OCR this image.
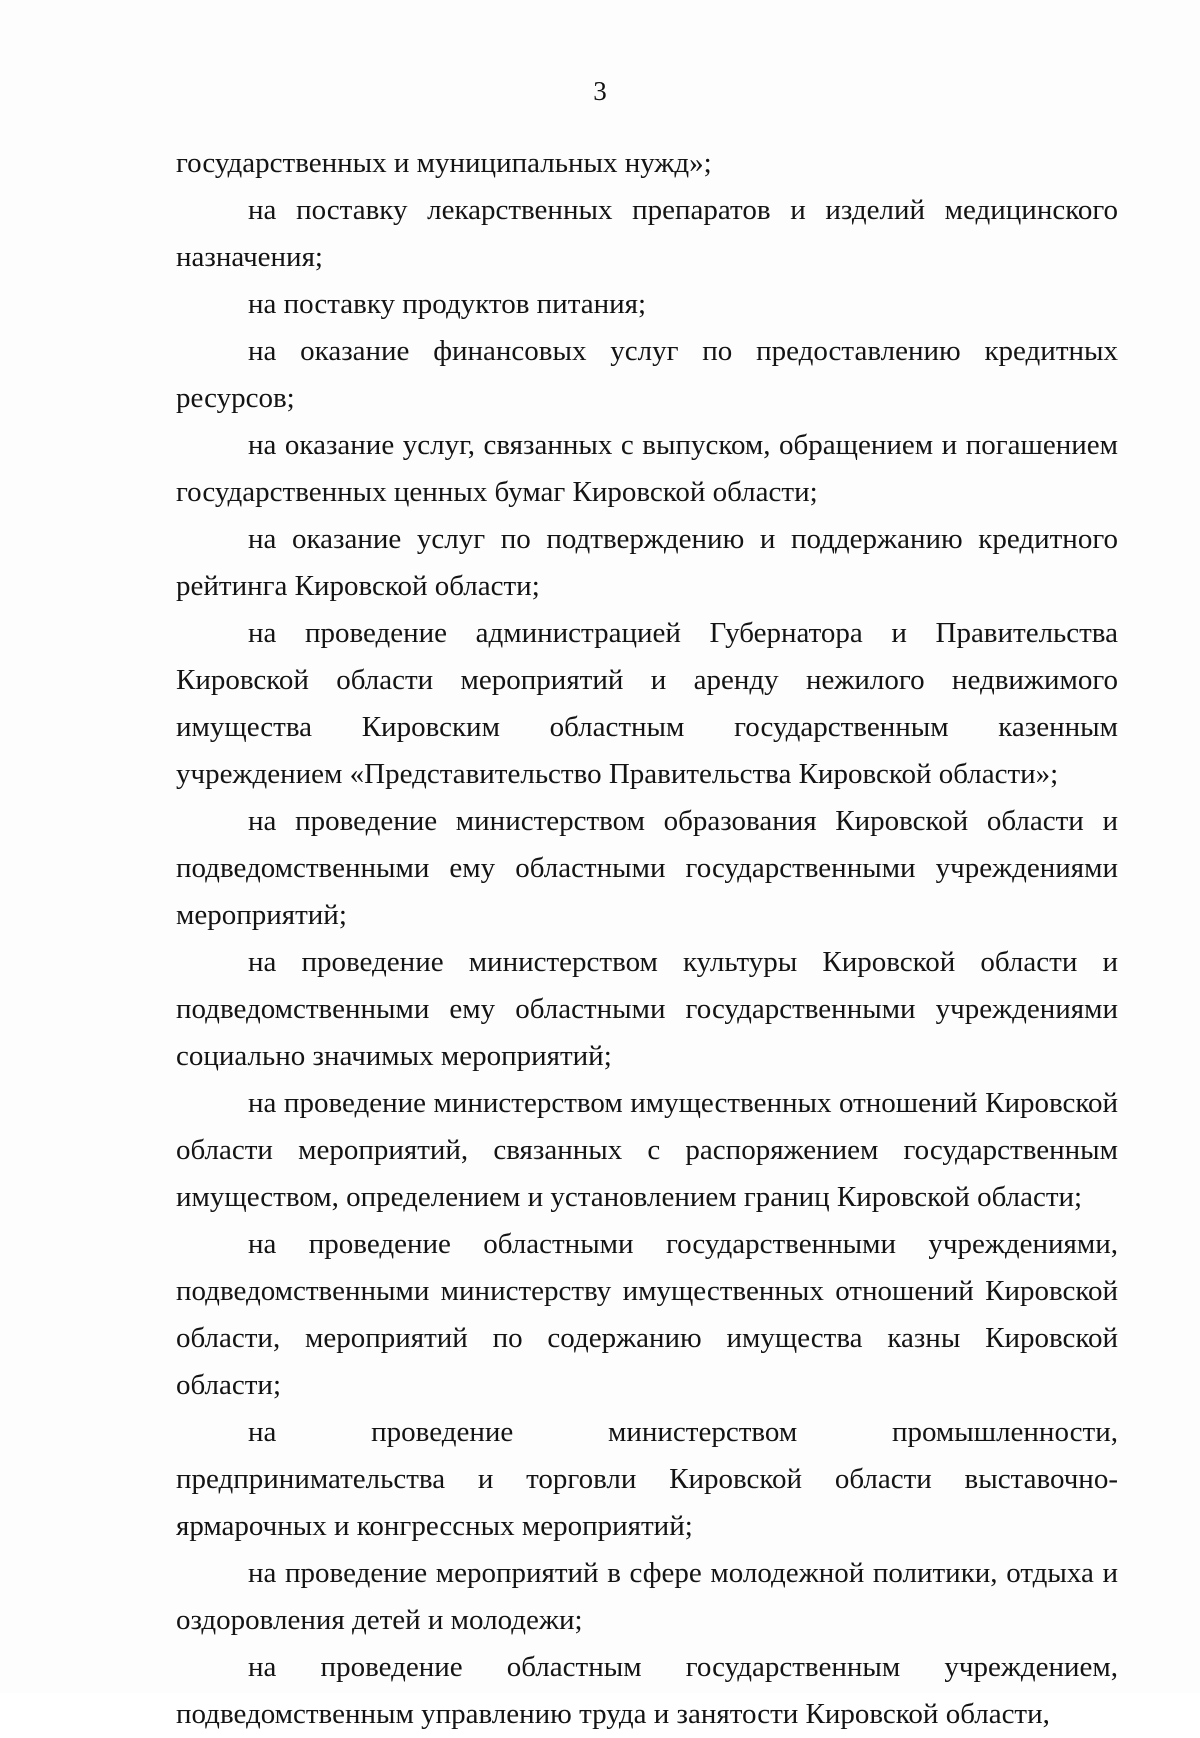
3

государственных и муниципальных нужд»;

на поставку лекарственных препаратов и изделий медицинского назначения;

на поставку продуктов питания;

на оказание финансовых услуг по предоставлению кредитных ресурсов;

на оказание услуг, связанных с выпуском, обращением и погашением государственных ценных бумаг Кировской области;

на оказание услуг по подтверждению и поддержанию кредитного рейтинга Кировской области;

на проведение администрацией Губернатора и Правительства Кировской области мероприятий и аренду нежилого недвижимого имущества Кировским областным государственным казенным учреждением «Представительство Правительства Кировской области»;

на проведение министерством образования Кировской области и подведомственными ему областными государственными учреждениями мероприятий;

на проведение министерством культуры Кировской области и подведомственными ему областными государственными учреждениями социально значимых мероприятий;

на проведение министерством имущественных отношений Кировской области мероприятий, связанных с распоряжением государственным имуществом, определением и установлением границ Кировской области;

на проведение областными государственными учреждениями, подведомственными министерству имущественных отношений Кировской области, мероприятий по содержанию имущества казны Кировской области;

на проведение министерством промышленности, предпринимательства и торговли Кировской области выставочно-ярмарочных и конгрессных мероприятий;

на проведение мероприятий в сфере молодежной политики, отдыха и оздоровления детей и молодежи;

на проведение областным государственным учреждением, подведомственным управлению труда и занятости Кировской области,
